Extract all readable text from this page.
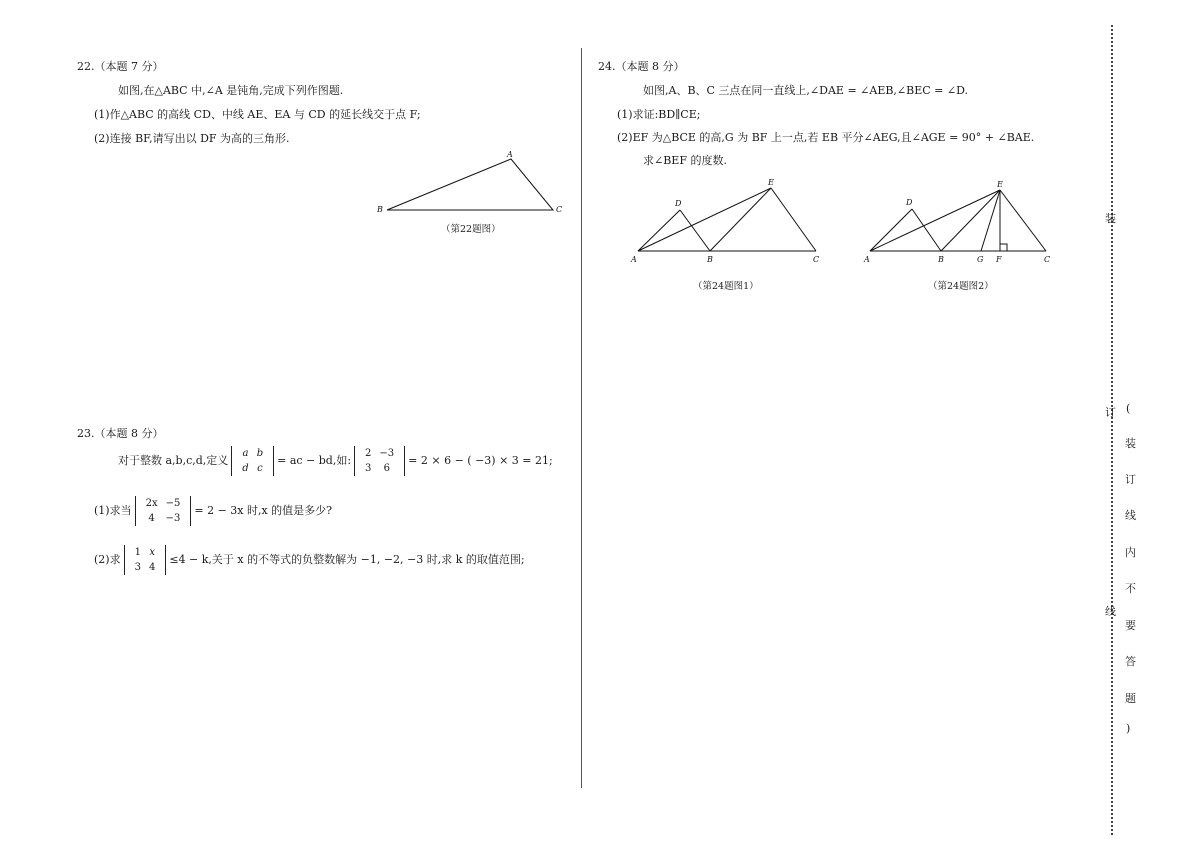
22.（本题 7 分）
如图,在△ABC 中,∠A 是钝角,完成下列作图题.
(1)作△ABC 的高线 CD、中线 AE、EA 与 CD 的延长线交于点 F;
(2)连接 BF,请写出以 DF 为高的三角形.
A
B	C
（第22题图）
23.（本题 8 分）
对于整数 a,b,c,d,定义
a	b
d	c
= ac − bd,如:
2	−3
3	6
= 2 × 6 − ( −3) × 3 = 21;
(1)求当
2x	−5
4	−3
= 2 − 3x 时,x 的值是多少?
(2)求
1	x
3	4
≤4 − k,关于 x 的不等式的负整数解为 −1, −2, −3 时,求 k 的取值范围;
24.（本题 8 分）
如图,A、B、C 三点在同一直线上,∠DAE = ∠AEB,∠BEC = ∠D.
(1)求证:BD∥CE;
(2)EF 为△BCE 的高,G 为 BF 上一点,若 EB 平分∠AEG,且∠AGE = 90° + ∠BAE.
求∠BEF 的度数.
A	B	C
D
E
（第24题图1）
A	B	G F	C
D
E
（第24题图2）
装
订
线
(
装
订
线
内
不
要
答
题
)
